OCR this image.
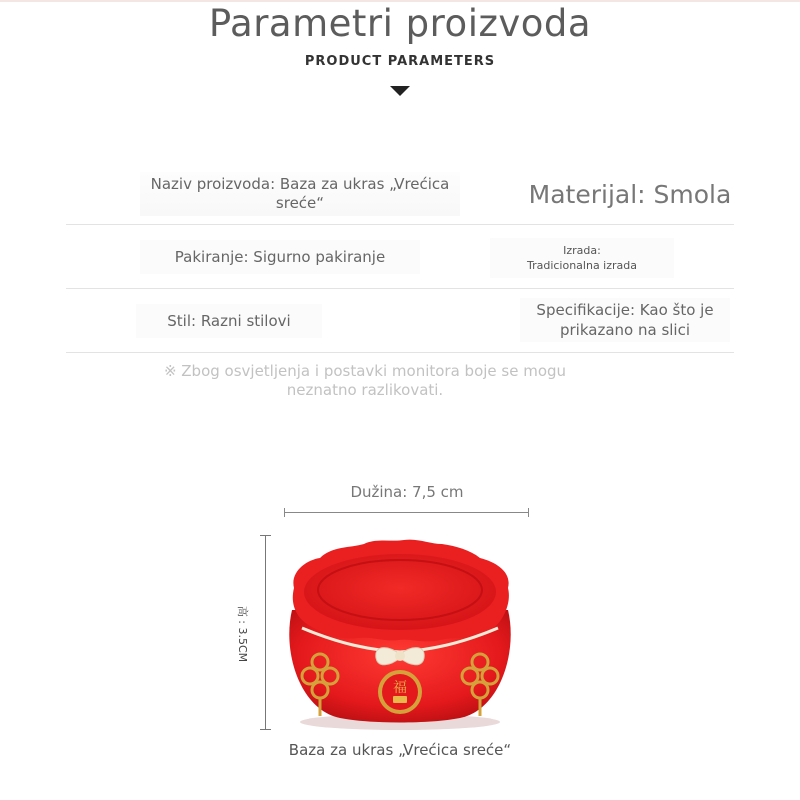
Parametri proizvoda
PRODUCT PARAMETERS
Naziv proizvoda: Baza za ukras „Vrećica sreće“	Materijal: Smola
Pakiranje: Sigurno pakiranje	Izrada:
Tradicionalna izrada
Stil: Razni stilovi
Specifikacije: Kao što je prikazano na slici
※ Zbog osvjetljenja i postavki monitora boje se mogu neznatno razlikovati.
Dužina: 7,5 cm
高 : 3.5CM
福
Baza za ukras „Vrećica sreće“
